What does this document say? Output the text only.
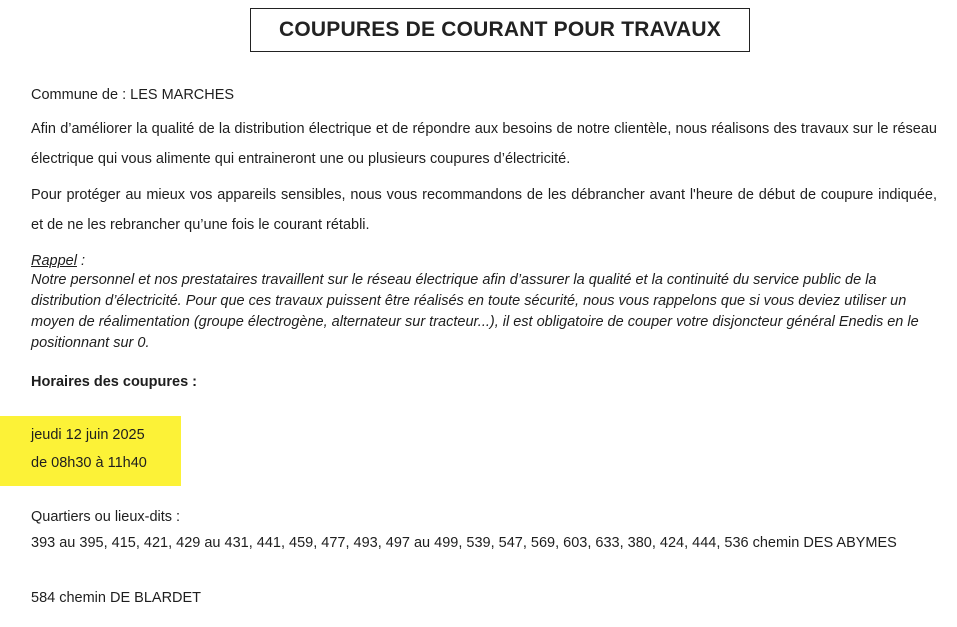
COUPURES DE COURANT POUR TRAVAUX
Commune de : LES MARCHES
Afin d’améliorer la qualité de la distribution électrique et de répondre aux besoins de notre clientèle, nous réalisons des travaux sur le réseau électrique qui vous alimente qui entraineront une ou plusieurs coupures d’électricité.
Pour protéger au mieux vos appareils sensibles, nous vous recommandons de les débrancher avant l'heure de début de coupure indiquée, et de ne les rebrancher qu’une fois le courant rétabli.
Rappel :
Notre personnel et nos prestataires travaillent sur le réseau électrique afin d’assurer la qualité et la continuité du service public de la distribution d’électricité. Pour que ces travaux puissent être réalisés en toute sécurité, nous vous rappelons que si vous deviez utiliser un moyen de réalimentation (groupe électrogène, alternateur sur tracteur...), il est obligatoire de couper votre disjoncteur général Enedis en le positionnant sur 0.
Horaires des coupures :
jeudi 12 juin 2025
de 08h30 à 11h40
Quartiers ou lieux-dits :
393 au 395, 415, 421, 429 au 431, 441, 459, 477, 493, 497 au 499, 539, 547, 569, 603, 633, 380, 424, 444, 536 chemin DES ABYMES
584 chemin DE BLARDET
